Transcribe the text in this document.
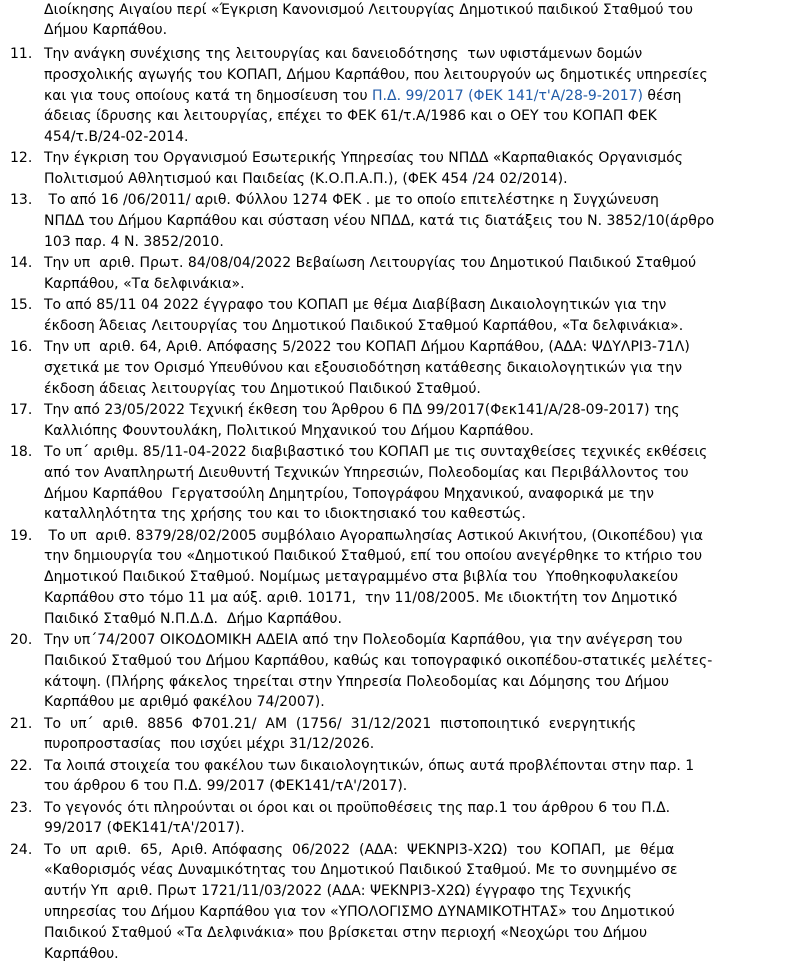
Διοίκησης Αιγαίου περί «Έγκριση Κανονισμού Λειτουργίας Δημοτικού παιδικού Σταθμού του
Δήμου Καρπάθου.
11. Την ανάγκη συνέχισης της λειτουργίας και δανειοδότησης  των υφιστάμενων δομών
προσχολικής αγωγής του ΚΟΠΑΠ, Δήμου Καρπάθου, που λειτουργούν ως δημοτικές υπηρεσίες
και για τους οποίους κατά τη δημοσίευση του Π.Δ. 99/2017 (ΦΕΚ 141/τ'Α/28-9-2017) θέση
άδειας ίδρυσης και λειτουργίας, επέχει το ΦΕΚ 61/τ.Α/1986 και ο ΟΕΥ του ΚΟΠΑΠ ΦΕΚ
454/τ.Β/24-02-2014.
12. Την έγκριση του Οργανισμού Εσωτερικής Υπηρεσίας του ΝΠΔΔ «Καρπαθιακός Οργανισμός
Πολιτισμού Αθλητισμού και Παιδείας (Κ.Ο.Π.Α.Π.), (ΦΕΚ 454 /24 02/2014).
13. Το από 16 /06/2011/ αριθ. Φύλλου 1274 ΦΕΚ . με το οποίο επιτελέστηκε η Συγχώνευση
ΝΠΔΔ του Δήμου Καρπάθου και σύσταση νέου ΝΠΔΔ, κατά τις διατάξεις του Ν. 3852/10(άρθρο
103 παρ. 4 Ν. 3852/2010.
14. Την υπ  αριθ. Πρωτ. 84/08/04/2022 Βεβαίωση Λειτουργίας του Δημοτικού Παιδικού Σταθμού
Καρπάθου, «Τα δελφινάκια».
15. Το από 85/11 04 2022 έγγραφο του ΚΟΠΑΠ με θέμα Διαβίβαση Δικαιολογητικών για την
έκδοση Άδειας Λειτουργίας του Δημοτικού Παιδικού Σταθμού Καρπάθου, «Τα δελφινάκια».
16. Την υπ  αριθ. 64, Αριθ. Απόφασης 5/2022 του ΚΟΠΑΠ Δήμου Καρπάθου, (ΑΔΑ: ΨΔΥΛΡΙ3-71Λ)
σχετικά με τον Ορισμό Υπευθύνου και εξουσιοδότηση κατάθεσης δικαιολογητικών για την
έκδοση άδειας λειτουργίας του Δημοτικού Παιδικού Σταθμού.
17. Την από 23/05/2022 Τεχνική έκθεση του Άρθρου 6 ΠΔ 99/2017(Φεκ141/Α/28-09-2017) της
Καλλιόπης Φουντουλάκη, Πολιτικού Μηχανικού του Δήμου Καρπάθου.
18. Το υπ΄ αριθμ. 85/11-04-2022 διαβιβαστικό του ΚΟΠΑΠ με τις συνταχθείσες τεχνικές εκθέσεις
από τον Αναπληρωτή Διευθυντή Τεχνικών Υπηρεσιών, Πολεοδομίας και Περιβάλλοντος του
Δήμου Καρπάθου  Γεργατσούλη Δημητρίου, Τοπογράφου Μηχανικού, αναφορικά με την
καταλληλότητα της χρήσης του και το ιδιοκτησιακό του καθεστώς.
19. Το υπ  αριθ. 8379/28/02/2005 συμβόλαιο Αγοραπωλησίας Αστικού Ακινήτου, (Οικοπέδου) για
την δημιουργία του «Δημοτικού Παιδικού Σταθμού, επί του οποίου ανεγέρθηκε το κτήριο του
Δημοτικού Παιδικού Σταθμού. Νομίμως μεταγραμμένο στα βιβλία του  Υποθηκοφυλακείου
Καρπάθου στο τόμο 11 μα αύξ. αριθ. 10171,  την 11/08/2005. Με ιδιοκτήτη τον Δημοτικό
Παιδικό Σταθμό Ν.Π.Δ.Δ.  Δήμο Καρπάθου.
20. Την υπ΄74/2007 ΟΙΚΟΔΟΜΙΚΗ ΑΔΕΙΑ από την Πολεοδομία Καρπάθου, για την ανέγερση του
Παιδικού Σταθμού του Δήμου Καρπάθου, καθώς και τοπογραφικό οικοπέδου-στατικές μελέτες-
κάτοψη. (Πλήρης φάκελος τηρείται στην Υπηρεσία Πολεοδομίας και Δόμησης του Δήμου
Καρπάθου με αριθμό φακέλου 74/2007).
21. Το  υπ΄  αριθ.  8856  Φ701.21/  ΑΜ  (1756/  31/12/2021  πιστοποιητικό  ενεργητικής
πυροπροστασίας  που ισχύει μέχρι 31/12/2026.
22. Τα λοιπά στοιχεία του φακέλου των δικαιολογητικών, όπως αυτά προβλέπονται στην παρ. 1
του άρθρου 6 του Π.Δ. 99/2017 (ΦΕΚ141/τΑ'/2017).
23. Το γεγονός ότι πληρούνται οι όροι και οι προϋποθέσεις της παρ.1 του άρθρου 6 του Π.Δ.
99/2017 (ΦΕΚ141/τΑ'/2017).
24. Το  υπ  αριθ.  65,  Αριθ. Απόφασης  06/2022  (ΑΔΑ:  ΨΕΚΝΡΙ3-Χ2Ω)  του  ΚΟΠΑΠ,  με  θέμα
«Καθορισμός νέας Δυναμικότητας του Δημοτικού Παιδικού Σταθμού. Με το συνημμένο σε
αυτήν Υπ  αριθ. Πρωτ 1721/11/03/2022 (ΑΔΑ: ΨΕΚΝΡΙ3-Χ2Ω) έγγραφο της Τεχνικής
υπηρεσίας του Δήμου Καρπάθου για τον «ΥΠΟΛΟΓΙΣΜΟ ΔΥΝΑΜΙΚΟΤΗΤΑΣ» του Δημοτικού
Παιδικού Σταθμού «Τα Δελφινάκια» που βρίσκεται στην περιοχή «Νεοχώρι του Δήμου
Καρπάθου.
